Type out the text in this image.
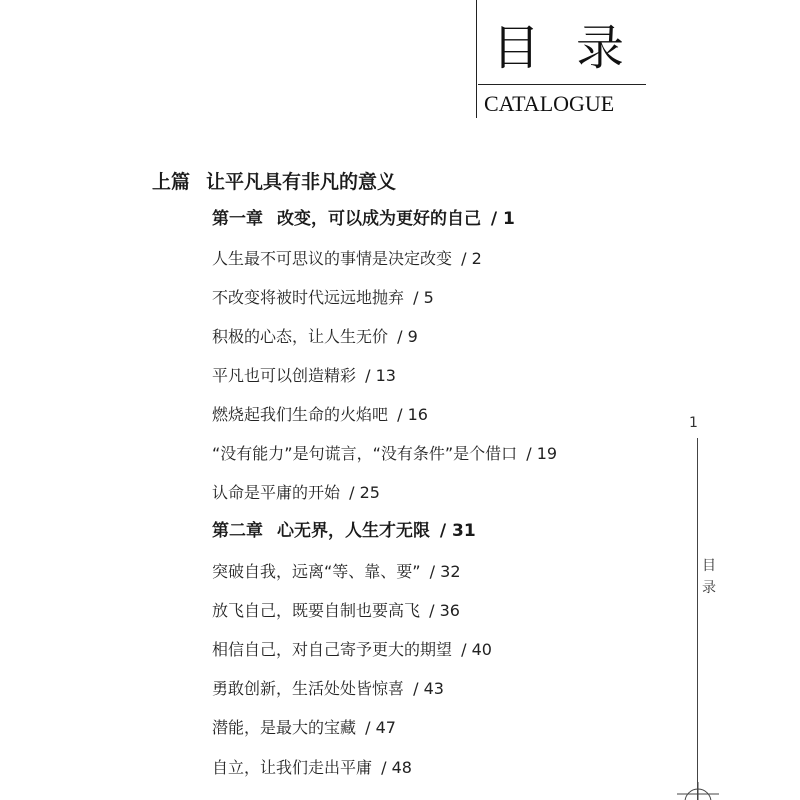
目录
CATALOGUE
上篇 让平凡具有非凡的意义
第一章 改变，可以成为更好的自己 / 1
人生最不可思议的事情是决定改变 / 2
不改变将被时代远远地抛弃 / 5
积极的心态，让人生无价 / 9
平凡也可以创造精彩 / 13
燃烧起我们生命的火焰吧 / 16
“没有能力”是句谎言，“没有条件”是个借口 / 19
认命是平庸的开始 / 25
第二章 心无界，人生才无限 / 31
突破自我，远离“等、靠、要” / 32
放飞自己，既要自制也要高飞 / 36
相信自己，对自己寄予更大的期望 / 40
勇敢创新，生活处处皆惊喜 / 43
潜能，是最大的宝藏 / 47
自立，让我们走出平庸 / 48
1
目录
